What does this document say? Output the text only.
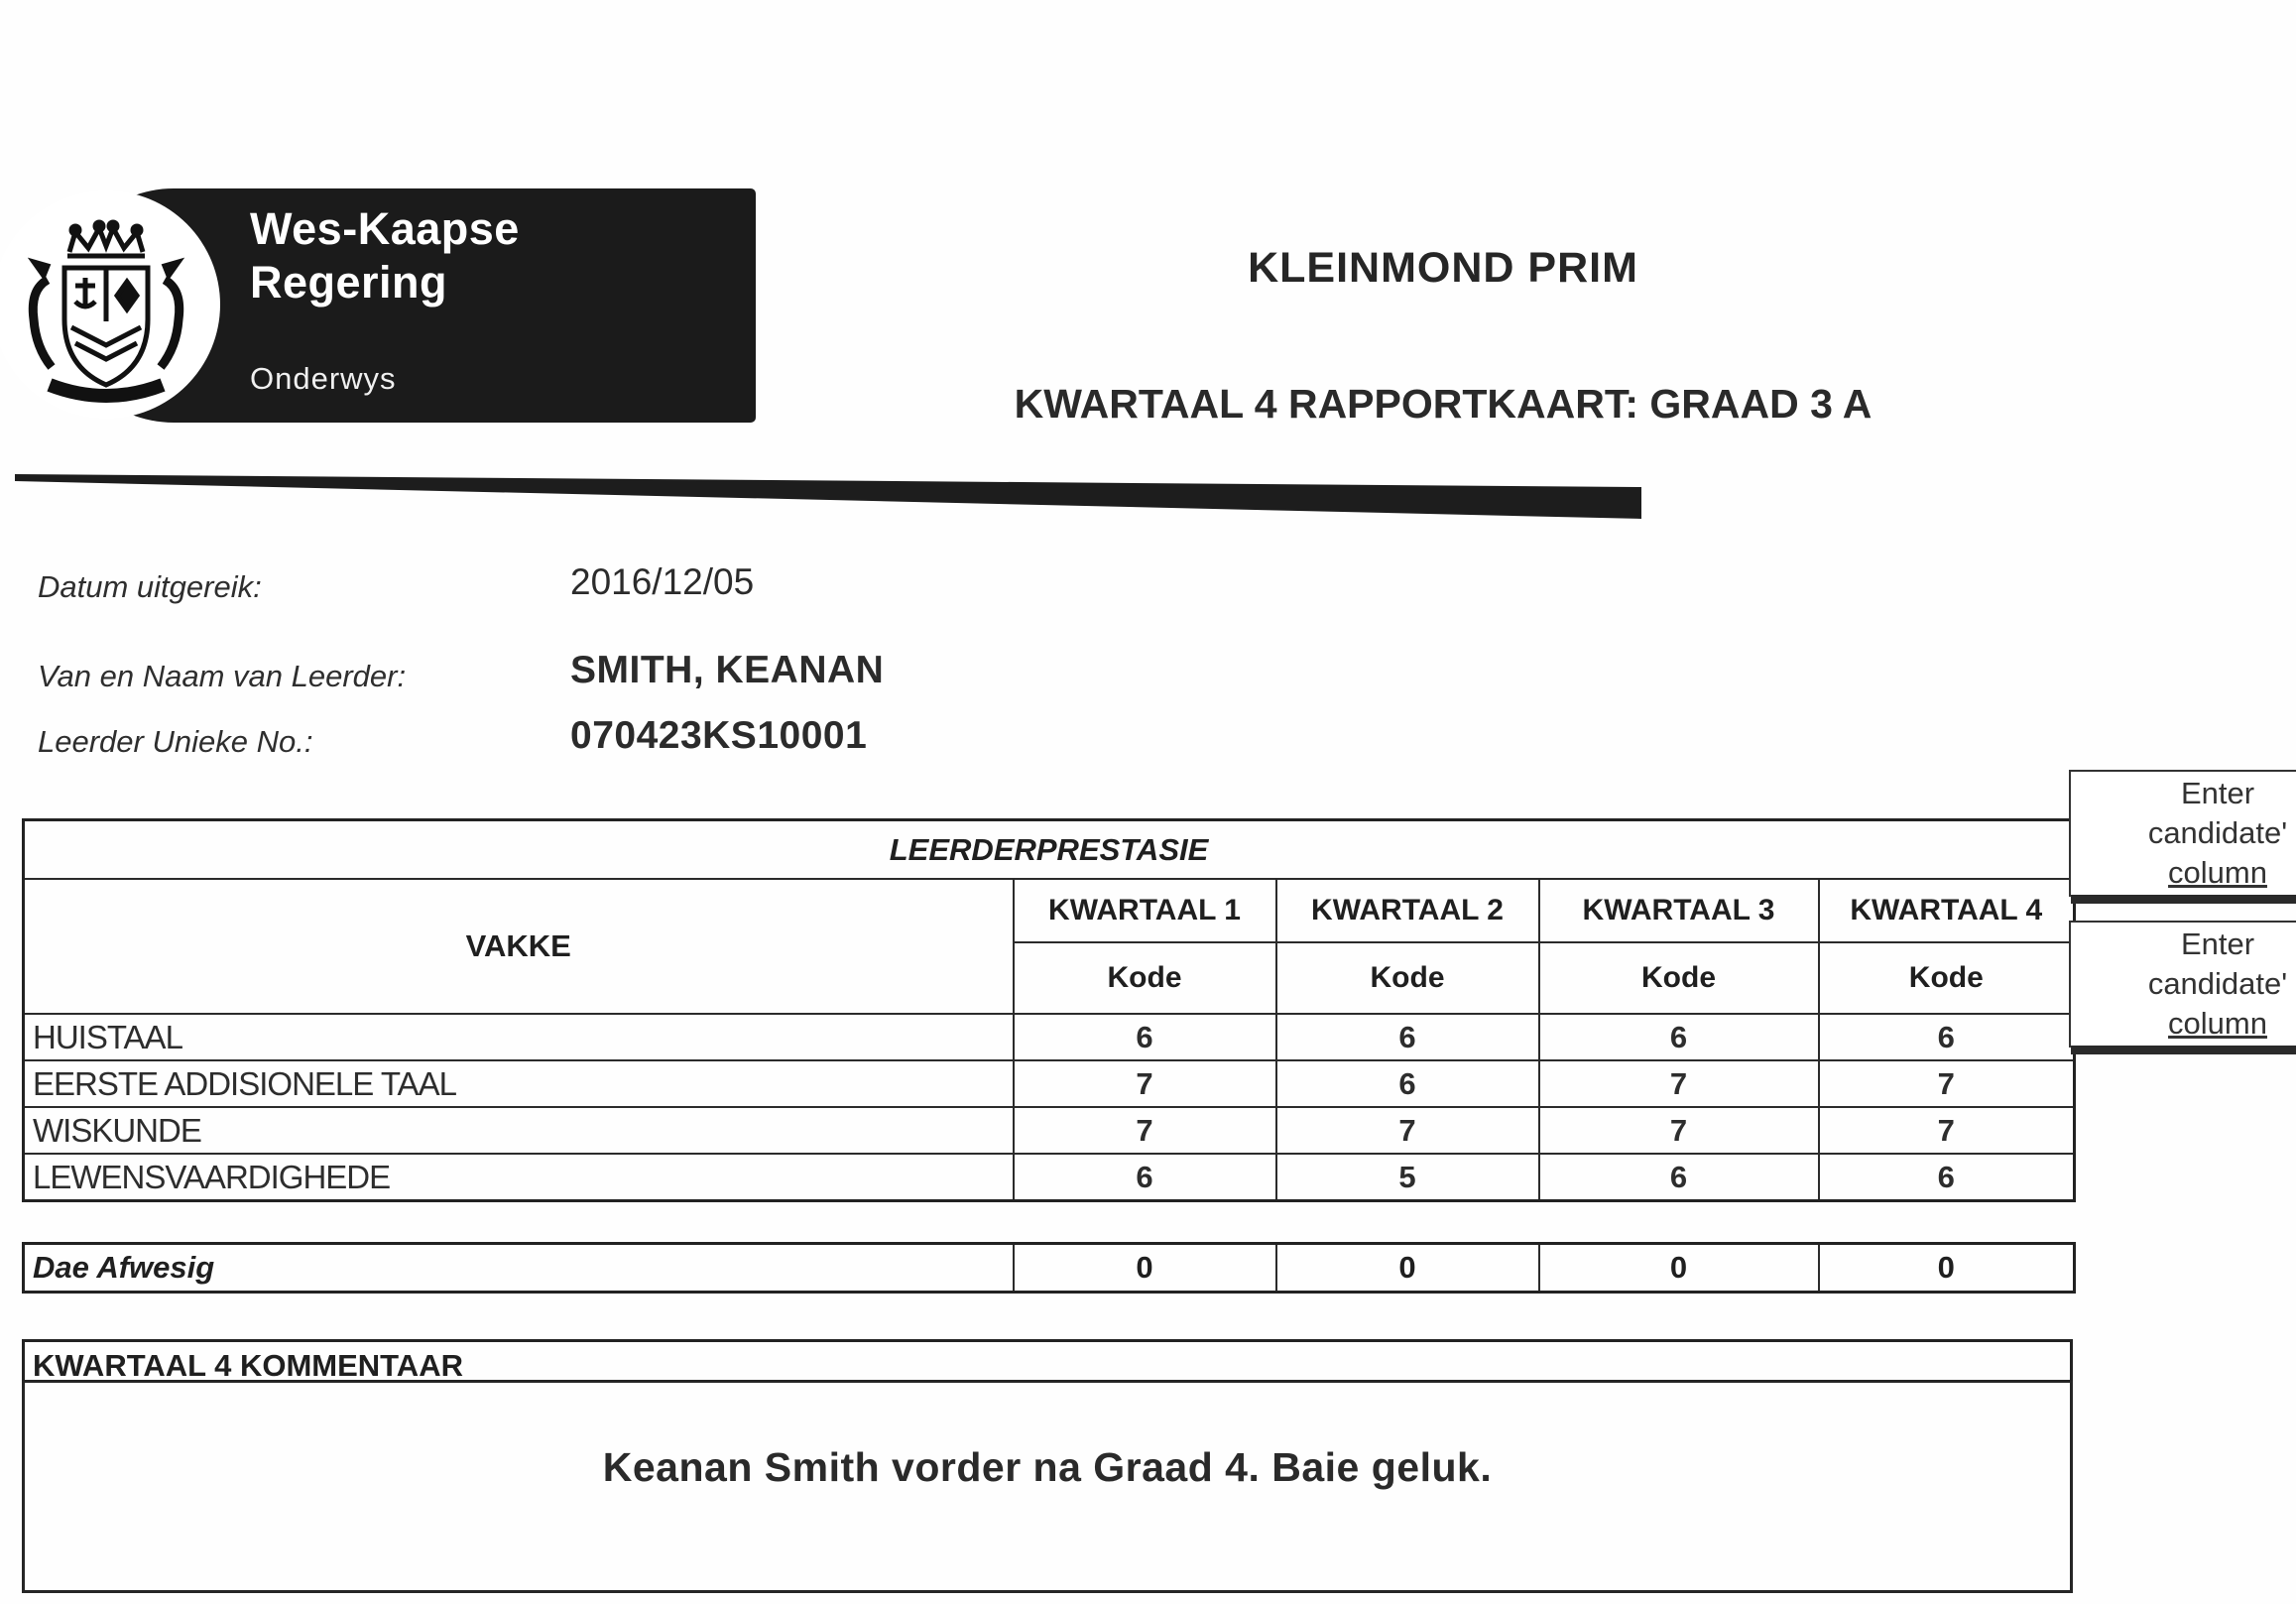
Wes-Kaapse
Regering
Onderwys
KLEINMOND PRIM
KWARTAAL 4 RAPPORTKAART: GRAAD 3 A
Datum uitgereik:	2016/12/05
Van en Naam van Leerder:	SMITH, KEANAN
Leerder Unieke No.:	070423KS10001
LEERDERPRESTASIE				
VAKKE	KWARTAAL 1	KWARTAAL 2	KWARTAAL 3	KWARTAAL 4
	Kode	Kode	Kode	Kode
HUISTAAL	6	6	6	6
EERSTE ADDISIONELE TAAL	7	6	7	7
WISKUNDE	7	7	7	7
LEWENSVAARDIGHEDE	6	5	6	6
Dae Afwesig	0	0	0	0
KWARTAAL 4 KOMMENTAAR
Keanan Smith vorder na Graad 4. Baie geluk.
Enter
candidate'
column
Enter
candidate'
column
